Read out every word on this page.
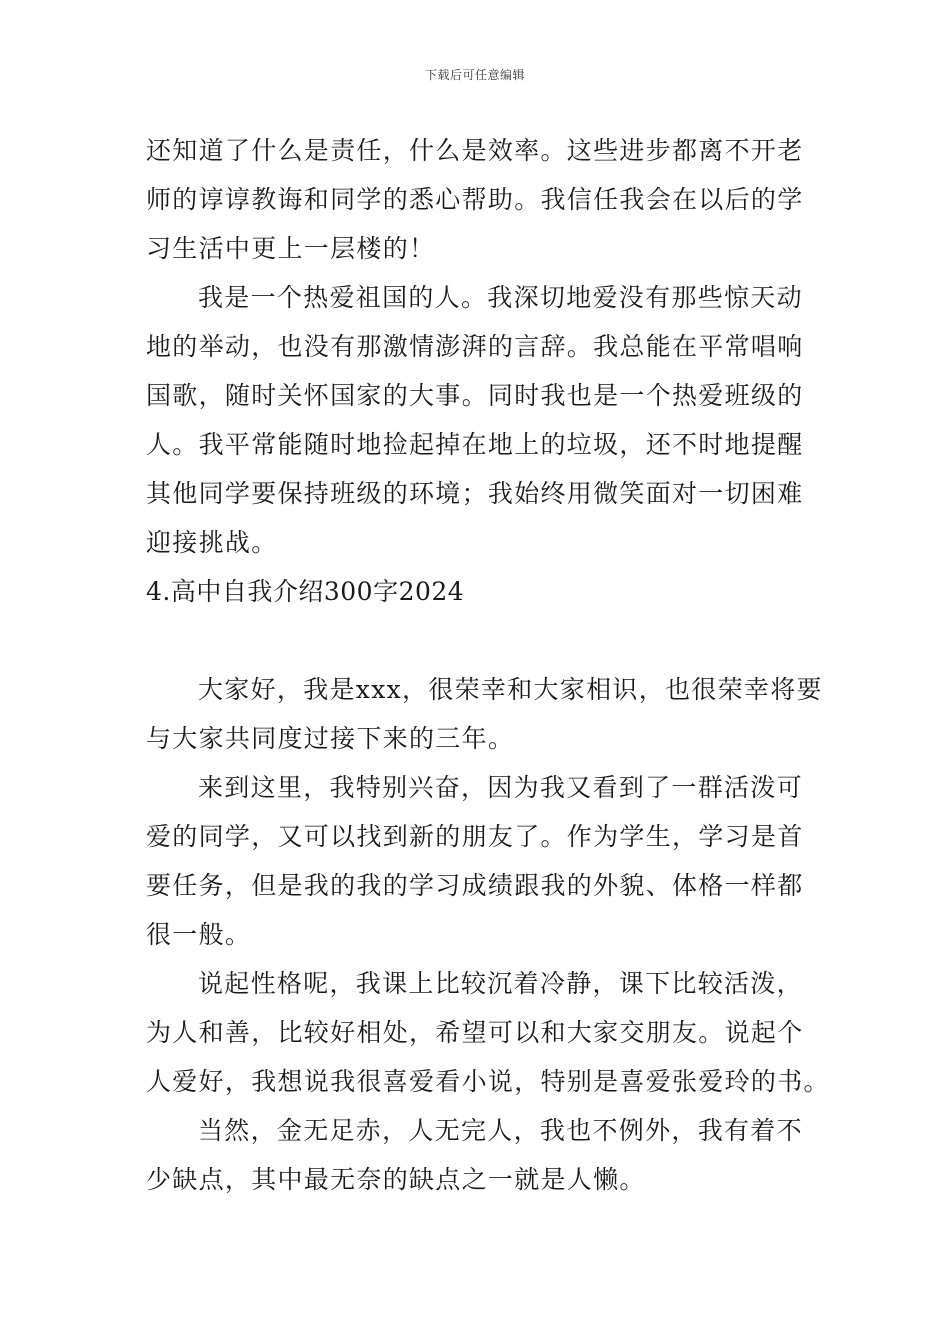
下载后可任意编辑
还知道了什么是责任，什么是效率。这些进步都离不开老
师的谆谆教诲和同学的悉心帮助。我信任我会在以后的学
习生活中更上一层楼的！
我是一个热爱祖国的人。我深切地爱没有那些惊天动
地的举动，也没有那激情澎湃的言辞。我总能在平常唱响
国歌，随时关怀国家的大事。同时我也是一个热爱班级的
人。我平常能随时地捡起掉在地上的垃圾，还不时地提醒
其他同学要保持班级的环境；我始终用微笑面对一切困难
迎接挑战。
4.高中自我介绍300字2024
大家好，我是xxx，很荣幸和大家相识，也很荣幸将要
与大家共同度过接下来的三年。
来到这里，我特别兴奋，因为我又看到了一群活泼可
爱的同学，又可以找到新的朋友了。作为学生，学习是首
要任务，但是我的我的学习成绩跟我的外貌、体格一样都
很一般。
说起性格呢，我课上比较沉着冷静，课下比较活泼，
为人和善，比较好相处，希望可以和大家交朋友。说起个
人爱好，我想说我很喜爱看小说，特别是喜爱张爱玲的书。
当然，金无足赤，人无完人，我也不例外，我有着不
少缺点，其中最无奈的缺点之一就是人懒。
